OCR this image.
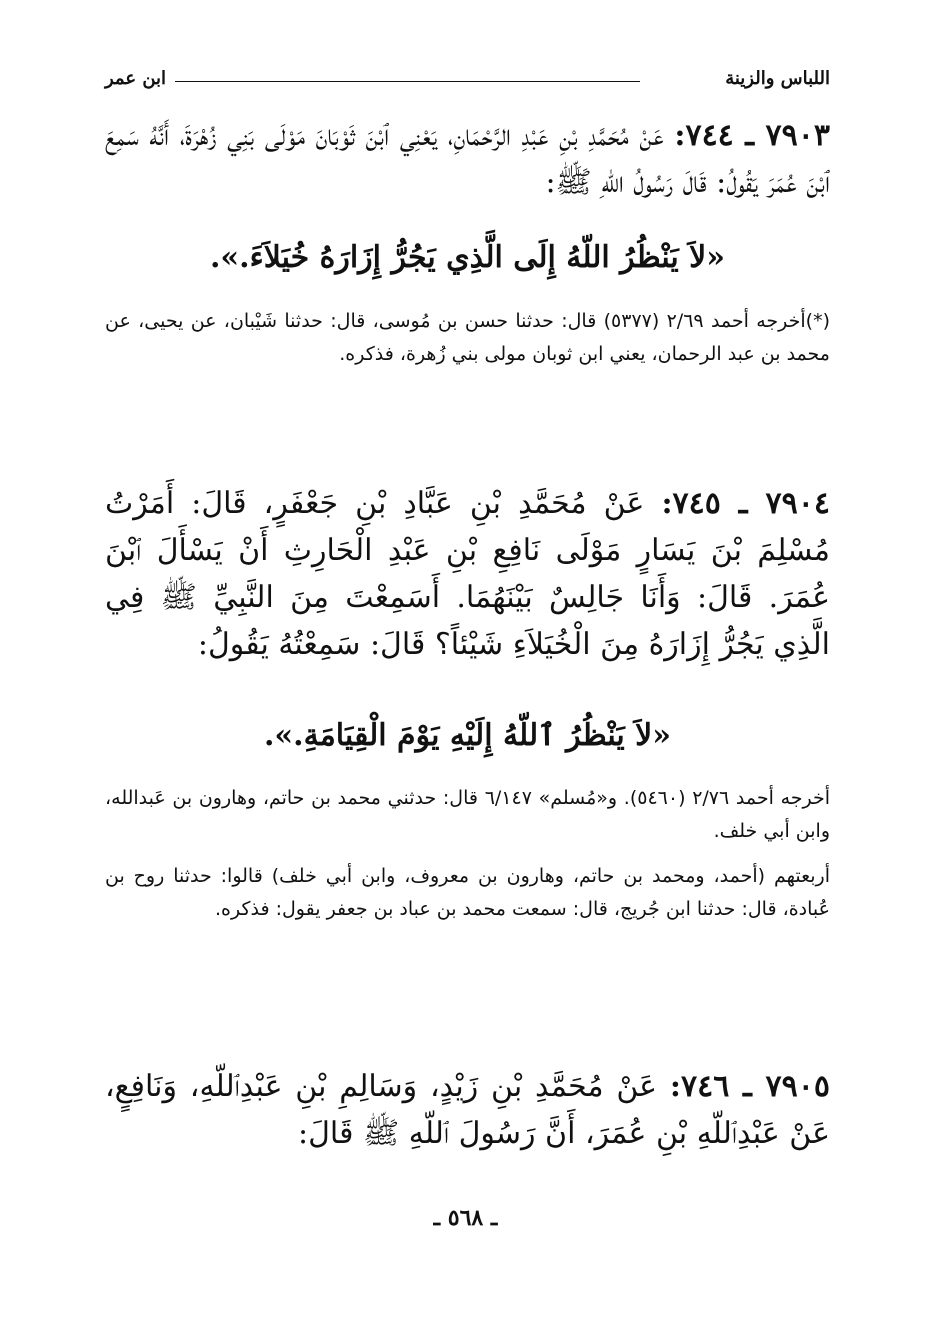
اللباس والزينة
ابن عمر
٧٩٠٣ ـ ٧٤٤: عَنْ مُحَمَّدِ بْنِ عَبْدِ الرَّحْمَانِ، يَعْنِي ٱبْنَ ثَوْبَانَ مَوْلَى بَنِي زُهْرَةَ، أَنَّهُ سَمِعَ ٱبْنَ عُمَرَ يَقُولُ: قَالَ رَسُولُ اللّهِ ﷺ:
«لاَ يَنْظُرُ اللّهُ إِلَى الَّذِي يَجُرُّ إِزَارَهُ خُيَلاَءَ.».

(*)أخرجه أحمد ٢/٦٩ (٥٣٧٧) قال: حدثنا حسن بن مُوسى، قال: حدثنا شَيْبان، عن يحيى، عن محمد بن عبد الرحمان، يعني ابن ثوبان مولى بني زُهرة، فذكره.

٧٩٠٤ ـ ٧٤٥: عَنْ مُحَمَّدِ بْنِ عَبَّادِ بْنِ جَعْفَرٍ، قَالَ: أَمَرْتُ مُسْلِمَ بْنَ يَسَارٍ مَوْلَى نَافِعِ بْنِ عَبْدِ الْحَارِثِ أَنْ يَسْأَلَ ٱبْنَ عُمَرَ. قَالَ: وَأَنَا جَالِسٌ بَيْنَهُمَا. أَسَمِعْتَ مِنَ النَّبِيِّ ﷺ فِي الَّذِي يَجُرُّ إِزَارَهُ مِنَ الْخُيَلاَءِ شَيْئاً؟ قَالَ: سَمِعْتُهُ يَقُولُ:
«لاَ يَنْظُرُ ٱللّهُ إِلَيْهِ يَوْمَ الْقِيَامَةِ.».

أخرجه أحمد ٢/٧٦ (٥٤٦٠). و«مُسلم» ٦/١٤٧ قال: حدثني محمد بن حاتم، وهارون بن عَبدالله، وابن أبي خلف.

أربعتهم (أحمد، ومحمد بن حاتم، وهارون بن معروف، وابن أبي خلف) قالوا: حدثنا روح بن عُبادة، قال: حدثنا ابن جُريج، قال: سمعت محمد بن عباد بن جعفر يقول: فذكره.

٧٩٠٥ ـ ٧٤٦: عَنْ مُحَمَّدِ بْنِ زَيْدٍ، وَسَالِمِ بْنِ عَبْدِٱللّهِ، وَنَافِعٍ، عَنْ عَبْدِٱللّهِ بْنِ عُمَرَ، أَنَّ رَسُولَ ٱللّهِ ﷺ قَالَ:
ـ ٥٦٨ ـ
